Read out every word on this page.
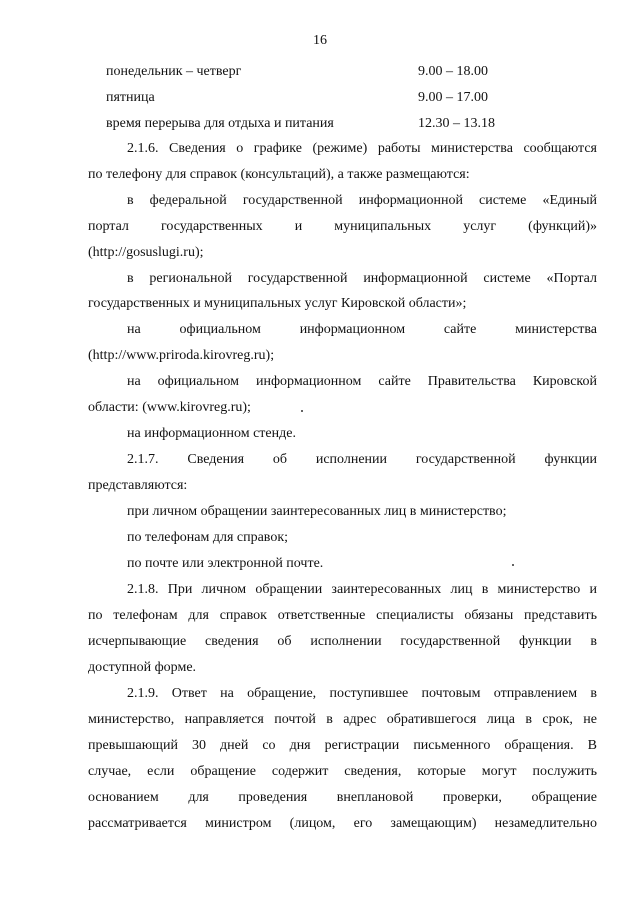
16
понедельник – четверг	9.00 – 18.00
пятница	9.00 – 17.00
время перерыва для отдыха и питания	12.30 – 13.18
2.1.6. Сведения о графике (режиме) работы министерства сообщаются
по телефону для справок (консультаций), а также размещаются:
в федеральной государственной информационной системе «Единый
портал государственных и муниципальных услуг (функций)»
(http://gosuslugi.ru);
в региональной государственной информационной системе «Портал
государственных и муниципальных услуг Кировской области»;
на официальном информационном сайте министерства
(http://www.priroda.kirovreg.ru);
на официальном информационном сайте Правительства Кировской
области: (www.kirovreg.ru);
на информационном стенде.
2.1.7. Сведения об исполнении государственной функции
представляются:
при личном обращении заинтересованных лиц в министерство;
по телефонам для справок;
по почте или электронной почте.
2.1.8. При личном обращении заинтересованных лиц в министерство и
по телефонам для справок ответственные специалисты обязаны представить
исчерпывающие сведения об исполнении государственной функции в
доступной форме.
2.1.9. Ответ на обращение, поступившее почтовым отправлением в
министерство, направляется почтой в адрес обратившегося лица в срок, не
превышающий 30 дней со дня регистрации письменного обращения. В
случае, если обращение содержит сведения, которые могут послужить
основанием для проведения внеплановой проверки, обращение
рассматривается министром (лицом, его замещающим) незамедлительно
